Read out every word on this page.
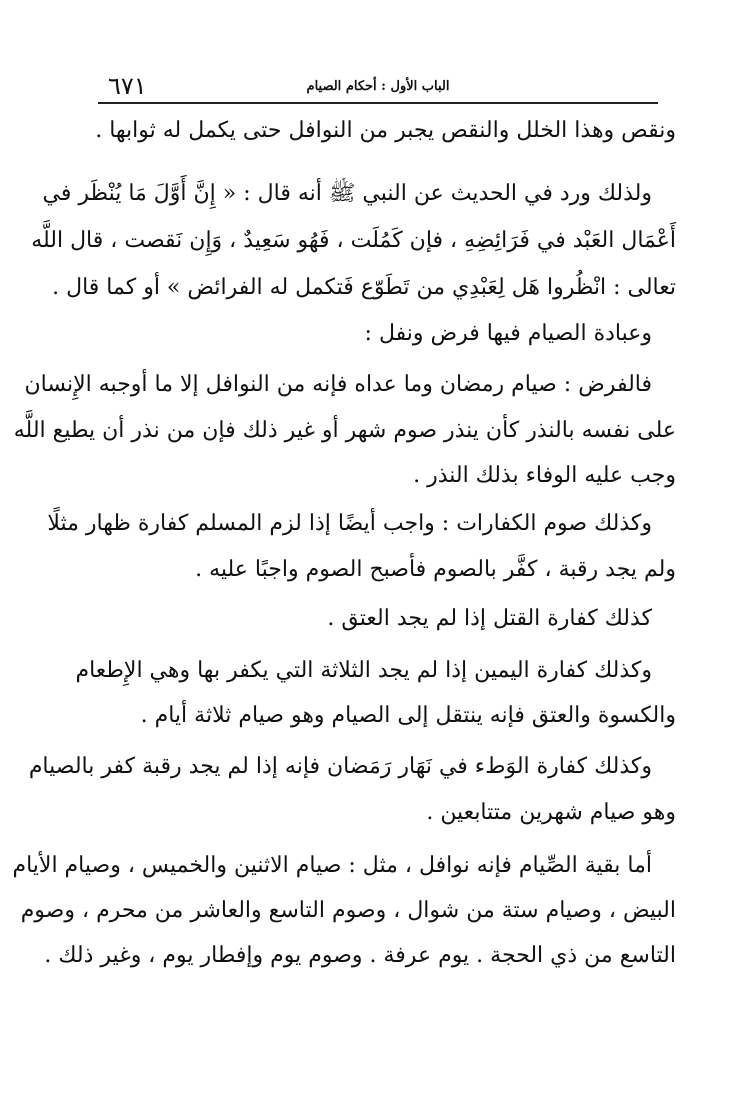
٦٧١	الباب الأول : أحكام الصيام
ونقص وهذا الخلل والنقص يجبر من النوافل حتى يكمل له ثوابها .
ولذلك ورد في الحديث عن النبي ﷺ أنه قال : « إِنَّ أَوَّلَ مَا يُنْظَر في
أَعْمَال العَبْد في فَرَائِضِهِ ، فإن كَمُلَت ، فَهُو سَعِيدٌ ، وَإِن نَقصت ، قال اللَّه
تعالى : انْظُروا هَل لِعَبْدِي من تَطَوّع فَتكمل له الفرائض » أو كما قال .
وعبادة الصيام فيها فرض ونفل :
فالفرض : صيام رمضان وما عداه فإنه من النوافل إلا ما أوجبه الإِنسان
على نفسه بالنذر كأن ينذر صوم شهر أو غير ذلك فإن من نذر أن يطيع اللَّه
وجب عليه الوفاء بذلك النذر .
وكذلك صوم الكفارات : واجب أيضًا إذا لزم المسلم كفارة ظهار مثلًا
ولم يجد رقبة ، كفَّر بالصوم فأصبح الصوم واجبًا عليه .
كذلك كفارة القتل إذا لم يجد العتق .
وكذلك كفارة اليمين إذا لم يجد الثلاثة التي يكفر بها وهي الإِطعام
والكسوة والعتق فإنه ينتقل إلى الصيام وهو صيام ثلاثة أيام .
وكذلك كفارة الوَطء في نَهَار رَمَضان فإنه إذا لم يجد رقبة كفر بالصيام
وهو صيام شهرين متتابعين .
أما بقية الصِّيام فإنه نوافل ، مثل : صيام الاثنين والخميس ، وصيام الأيام
البيض ، وصيام ستة من شوال ، وصوم التاسع والعاشر من محرم ، وصوم
التاسع من ذي الحجة . يوم عرفة . وصوم يوم وإفطار يوم ، وغير ذلك .
